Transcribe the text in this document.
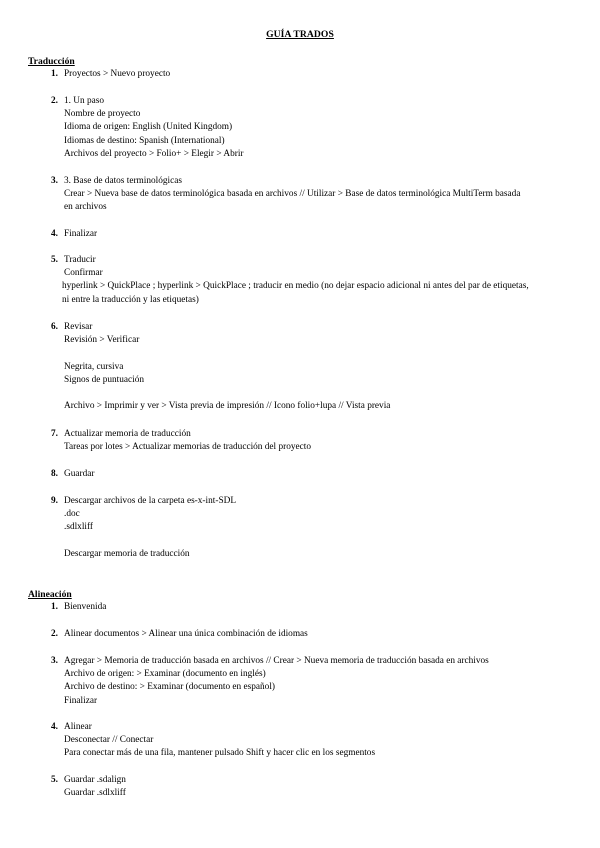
GUÍA TRADOS
Traducción
1. Proyectos > Nuevo proyecto
2. 1. Un paso
Nombre de proyecto
Idioma de origen: English (United Kingdom)
Idiomas de destino: Spanish (International)
Archivos del proyecto > Folio+ > Elegir > Abrir
3. 3. Base de datos terminológicas
Crear > Nueva base de datos terminológica basada en archivos // Utilizar > Base de datos terminológica MultiTerm basada
en archivos
4. Finalizar
5. Traducir
Confirmar
hyperlink > QuickPlace ; hyperlink > QuickPlace ; traducir en medio (no dejar espacio adicional ni antes del par de etiquetas,
ni entre la traducción y las etiquetas)
6. Revisar
Revisión > Verificar
Negrita, cursiva
Signos de puntuación
Archivo > Imprimir y ver > Vista previa de impresión // Icono folio+lupa // Vista previa
7. Actualizar memoria de traducción
Tareas por lotes > Actualizar memorias de traducción del proyecto
8. Guardar
9. Descargar archivos de la carpeta es-x-int-SDL
.doc
.sdlxliff
Descargar memoria de traducción
Alineación
1. Bienvenida
2. Alinear documentos > Alinear una única combinación de idiomas
3. Agregar > Memoria de traducción basada en archivos // Crear > Nueva memoria de traducción basada en archivos
Archivo de origen: > Examinar (documento en inglés)
Archivo de destino: > Examinar (documento en español)
Finalizar
4. Alinear
Desconectar // Conectar
Para conectar más de una fila, mantener pulsado Shift y hacer clic en los segmentos
5. Guardar .sdalign
Guardar .sdlxliff
